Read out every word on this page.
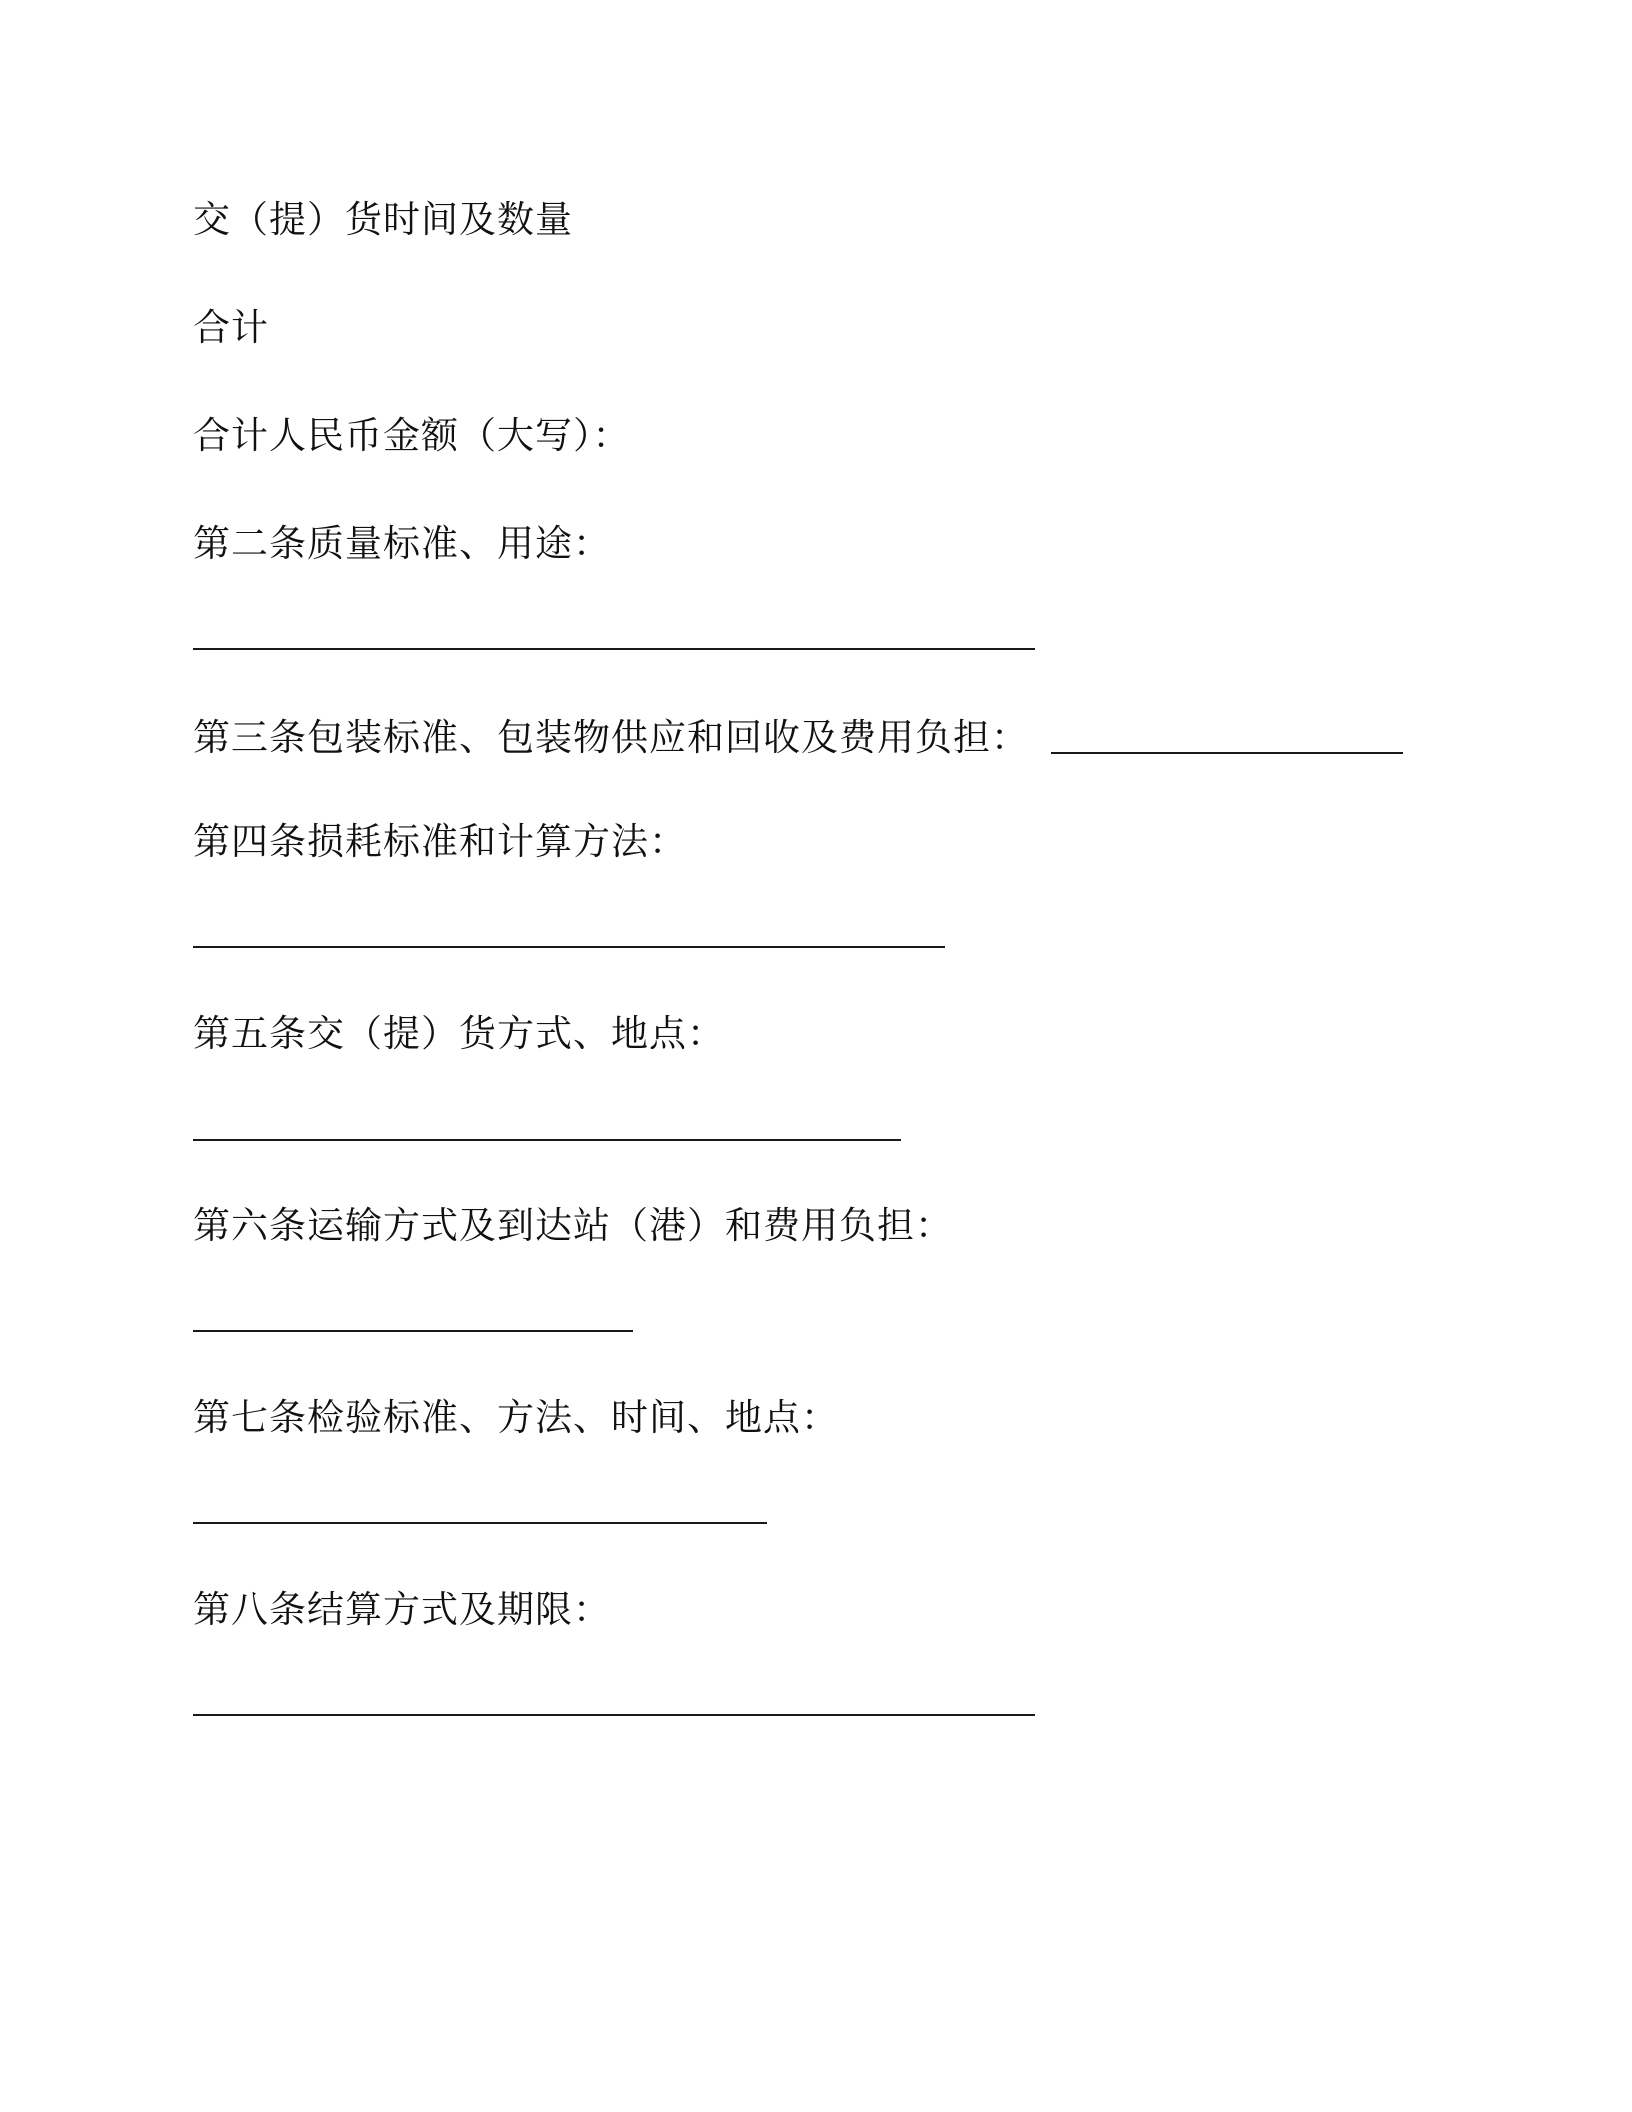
交（提）货时间及数量
合计
合计人民币金额（大写）：
第二条质量标准、用途：
第三条包装标准、包装物供应和回收及费用负担：
第四条损耗标准和计算方法：
第五条交（提）货方式、地点：
第六条运输方式及到达站（港）和费用负担：
第七条检验标准、方法、时间、地点：
第八条结算方式及期限：
